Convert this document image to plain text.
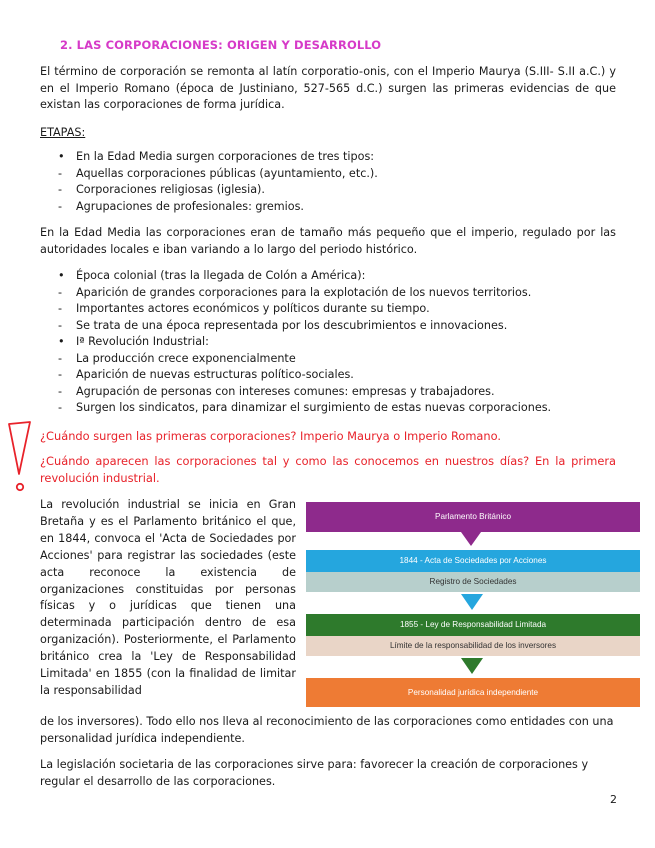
2. LAS CORPORACIONES: ORIGEN Y DESARROLLO

El término de corporación se remonta al latín corporatio-onis, con el Imperio Maurya (S.III- S.II a.C.) y en el Imperio Romano (época de Justiniano, 527-565 d.C.) surgen las primeras evidencias de que existan las corporaciones de forma jurídica.

ETAPAS:
• En la Edad Media surgen corporaciones de tres tipos:
- Aquellas corporaciones públicas (ayuntamiento, etc.).
- Corporaciones religiosas (iglesia).
- Agrupaciones de profesionales: gremios.

En la Edad Media las corporaciones eran de tamaño más pequeño que el imperio, regulado por las autoridades locales e iban variando a lo largo del periodo histórico.

• Época colonial (tras la llegada de Colón a América):
- Aparición de grandes corporaciones para la explotación de los nuevos territorios.
- Importantes actores económicos y políticos durante su tiempo.
- Se trata de una época representada por los descubrimientos e innovaciones.
• Iª Revolución Industrial:
- La producción crece exponencialmente
- Aparición de nuevas estructuras político-sociales.
- Agrupación de personas con intereses comunes: empresas y trabajadores.
- Surgen los sindicatos, para dinamizar el surgimiento de estas nuevas corporaciones.

¿Cuándo surgen las primeras corporaciones? Imperio Maurya o Imperio Romano.

¿Cuándo aparecen las corporaciones tal y como las conocemos en nuestros días? En la primera revolución industrial.

La revolución industrial se inicia en Gran Bretaña y es el Parlamento británico el que, en 1844, convoca el 'Acta de Sociedades por Acciones' para registrar las sociedades (este acta reconoce la existencia de organizaciones constituidas por personas físicas y o jurídicas que tienen una determinada participación dentro de esa organización). Posteriormente, el Parlamento británico crea la 'Ley de Responsabilidad Limitada' en 1855 (con la finalidad de limitar la responsabilidad

de los inversores). Todo ello nos lleva al reconocimiento de las corporaciones como entidades con una personalidad jurídica independiente.

La legislación societaria de las corporaciones sirve para: favorecer la creación de corporaciones y regular el desarrollo de las corporaciones.

Parlamento Británico
1844 - Acta de Sociedades por Acciones
Registro de Sociedades
1855 - Ley de Responsabilidad Limitada
Límite de la responsabilidad de los inversores
Personalidad jurídica independiente
2
